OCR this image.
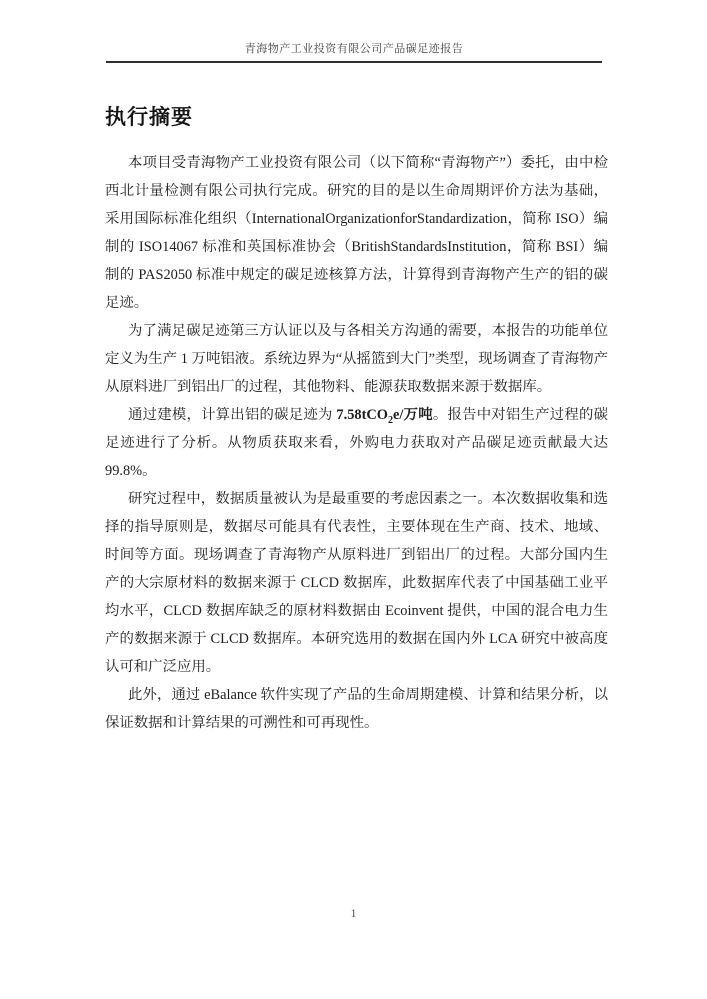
青海物产工业投资有限公司产品碳足迹报告
执行摘要

本项目受青海物产工业投资有限公司（以下简称“青海物产”）委托，由中检西北计量检测有限公司执行完成。研究的目的是以生命周期评价方法为基础，采用国际标准化组织（InternationalOrganizationforStandardization，简称 ISO）编制的 ISO14067 标准和英国标准协会（BritishStandardsInstitution，简称 BSI）编制的 PAS2050 标准中规定的碳足迹核算方法，计算得到青海物产生产的铝的碳足迹。

为了满足碳足迹第三方认证以及与各相关方沟通的需要，本报告的功能单位定义为生产 1 万吨铝液。系统边界为“从摇篮到大门”类型，现场调查了青海物产从原料进厂到铝出厂的过程，其他物料、能源获取数据来源于数据库。

通过建模，计算出铝的碳足迹为 7.58tCO$_2$e/万吨。报告中对铝生产过程的碳足迹进行了分析。从物质获取来看，外购电力获取对产品碳足迹贡献最大达 99.8%。

研究过程中，数据质量被认为是最重要的考虑因素之一。本次数据收集和选择的指导原则是，数据尽可能具有代表性，主要体现在生产商、技术、地域、时间等方面。现场调查了青海物产从原料进厂到铝出厂的过程。大部分国内生产的大宗原材料的数据来源于 CLCD 数据库，此数据库代表了中国基础工业平均水平，CLCD 数据库缺乏的原材料数据由 Ecoinvent 提供，中国的混合电力生产的数据来源于 CLCD 数据库。本研究选用的数据在国内外 LCA 研究中被高度认可和广泛应用。

此外，通过 eBalance 软件实现了产品的生命周期建模、计算和结果分析，以保证数据和计算结果的可溯性和可再现性。

1
